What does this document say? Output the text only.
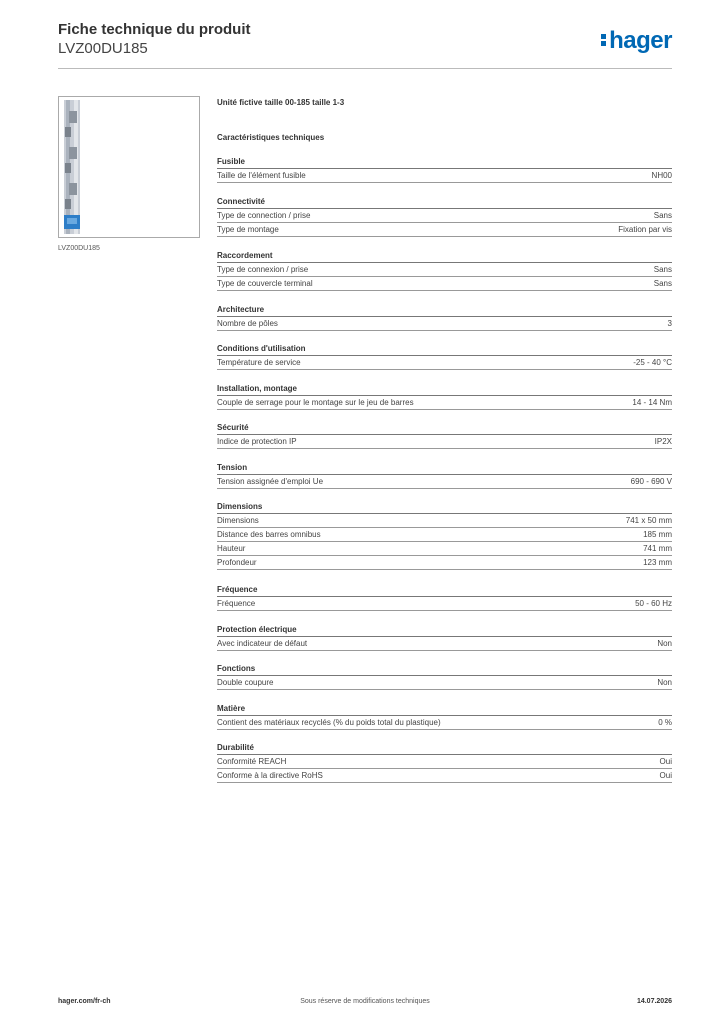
Fiche technique du produit

LVZ00DU185	hager
LVZ00DU185

Unité fictive taille 00-185 taille 1-3

Caractéristiques techniques

Fusible
Taille de l'élément fusible	NH00
Connectivité
Type de connection / prise	Sans
Type de montage	Fixation par vis
Raccordement
Type de connexion / prise	Sans
Type de couvercle terminal	Sans
Architecture
Nombre de pôles	3
Conditions d'utilisation
Température de service	-25 - 40 °C
Installation, montage
Couple de serrage pour le montage sur le jeu de barres	14 - 14 Nm
Sécurité
Indice de protection IP	IP2X
Tension
Tension assignée d'emploi Ue	690 - 690 V
Dimensions
Dimensions	741 x 50 mm
Distance des barres omnibus	185 mm
Hauteur	741 mm
Profondeur	123 mm
Fréquence
Fréquence	50 - 60 Hz
Protection électrique
Avec indicateur de défaut	Non
Fonctions
Double coupure	Non
Matière
Contient des matériaux recyclés (% du poids total du plastique)	0 %
Durabilité
Conformité REACH	Oui
Conforme à la directive RoHS	Oui
hager.com/fr-ch	Sous réserve de modifications techniques	14.07.2026
